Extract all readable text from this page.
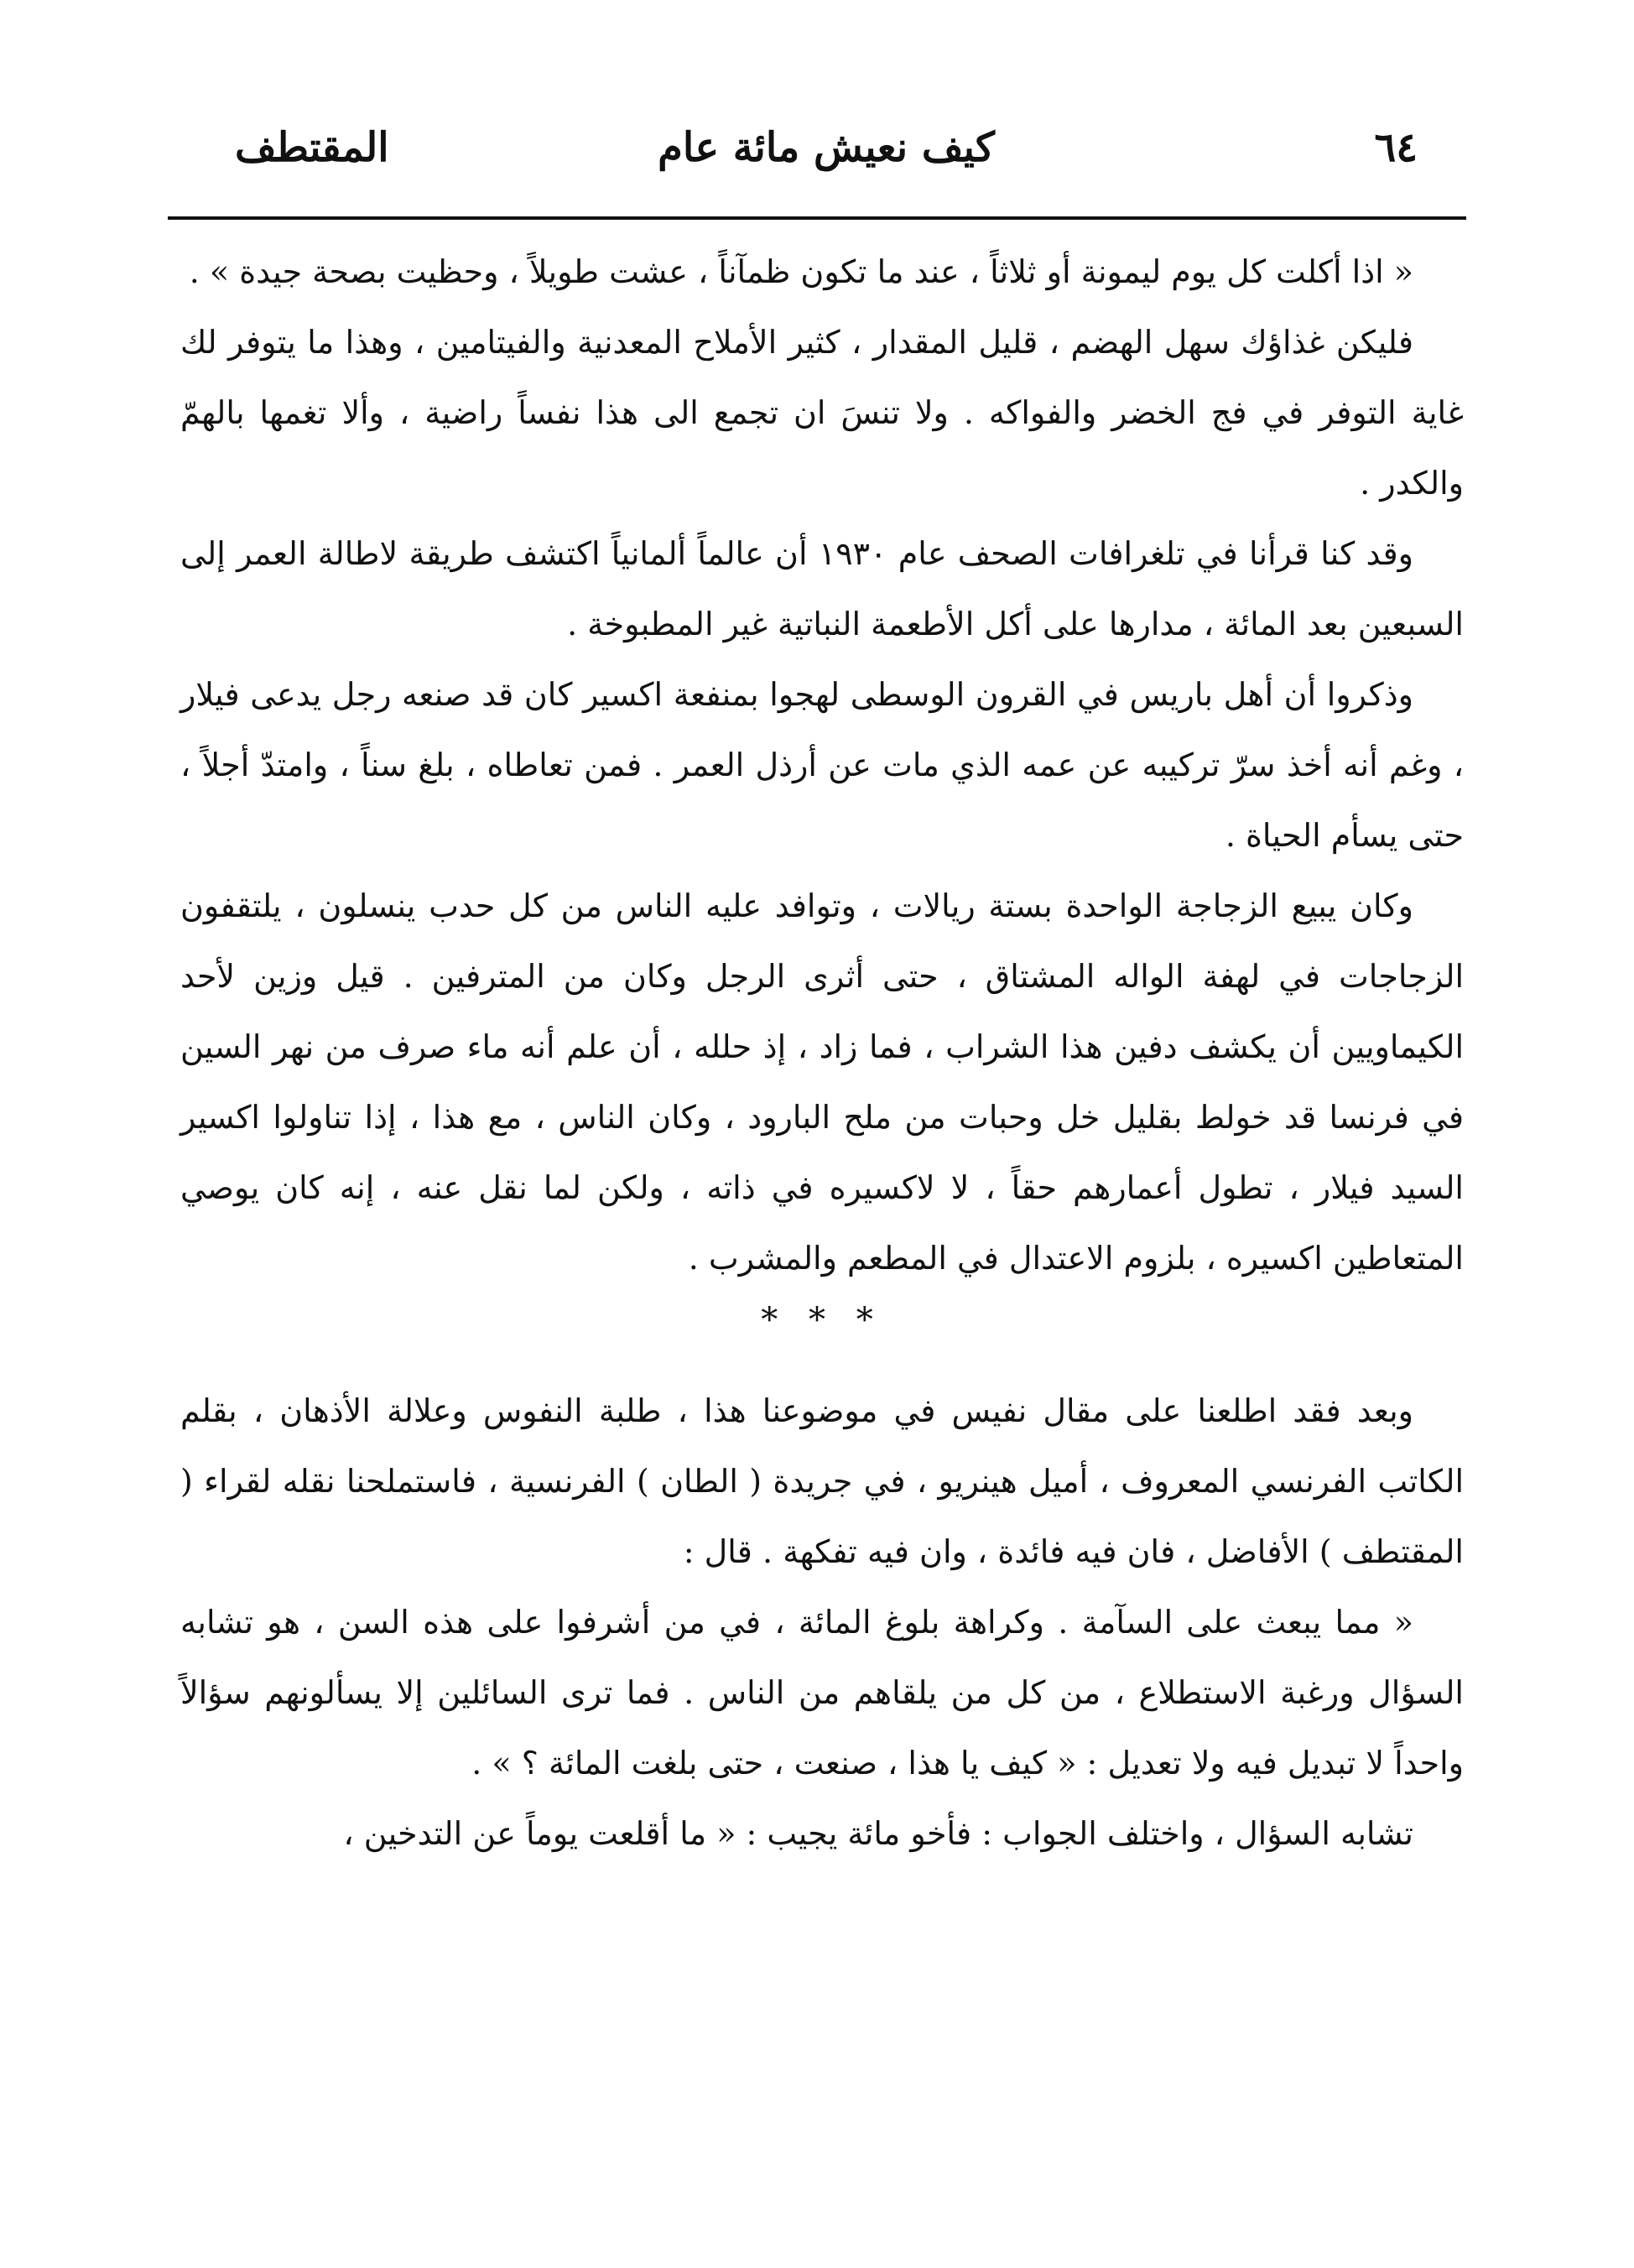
٦٤
كيف نعيش مائة عام
المقتطف

« اذا أكلت كل يوم ليمونة أو ثلاثاً ، عند ما تكون ظمآناً ، عشت طويلاً ، وحظيت بصحة جيدة » .

فليكن غذاؤك سهل الهضم ، قليل المقدار ، كثير الأملاح المعدنية والفيتامين ، وهذا ما يتوفر لك غاية التوفر في فج الخضر والفواكه . ولا تنسَ ان تجمع الى هذا نفساً راضية ، وألا تغمها بالهمّ والكدر .

وقد كنا قرأنا في تلغرافات الصحف عام ١٩٣٠ أن عالماً ألمانياً اكتشف طريقة لاطالة العمر إلى السبعين بعد المائة ، مدارها على أكل الأطعمة النباتية غير المطبوخة .

وذكروا أن أهل باريس في القرون الوسطى لهجوا بمنفعة اكسير كان قد صنعه رجل يدعى فيلار ، وغم أنه أخذ سرّ تركيبه عن عمه الذي مات عن أرذل العمر . فمن تعاطاه ، بلغ سناً ، وامتدّ أجلاً ، حتى يسأم الحياة .

وكان يبيع الزجاجة الواحدة بستة ريالات ، وتوافد عليه الناس من كل حدب ينسلون ، يلتقفون الزجاجات في لهفة الواله المشتاق ، حتى أثرى الرجل وكان من المترفين . قيل وزين لأحد الكيماويين أن يكشف دفين هذا الشراب ، فما زاد ، إذ حلله ، أن علم أنه ماء صرف من نهر السين في فرنسا قد خولط بقليل خل وحبات من ملح البارود ، وكان الناس ، مع هذا ، إذا تناولوا اكسير السيد فيلار ، تطول أعمارهم حقاً ، لا لاكسيره في ذاته ، ولكن لما نقل عنه ، إنه كان يوصي المتعاطين اكسيره ، بلزوم الاعتدال في المطعم والمشرب .

* * *

وبعد فقد اطلعنا على مقال نفيس في موضوعنا هذا ، طلبة النفوس وعلالة الأذهان ، بقلم الكاتب الفرنسي المعروف ، أميل هينريو ، في جريدة ( الطان ) الفرنسية ، فاستملحنا نقله لقراء ( المقتطف ) الأفاضل ، فان فيه فائدة ، وان فيه تفكهة . قال :

« مما يبعث على السآمة . وكراهة بلوغ المائة ، في من أشرفوا على هذه السن ، هو تشابه السؤال ورغبة الاستطلاع ، من كل من يلقاهم من الناس . فما ترى السائلين إلا يسألونهم سؤالاً واحداً لا تبديل فيه ولا تعديل : « كيف يا هذا ، صنعت ، حتى بلغت المائة ؟ » .

تشابه السؤال ، واختلف الجواب : فأخو مائة يجيب : « ما أقلعت يوماً عن التدخين ،
